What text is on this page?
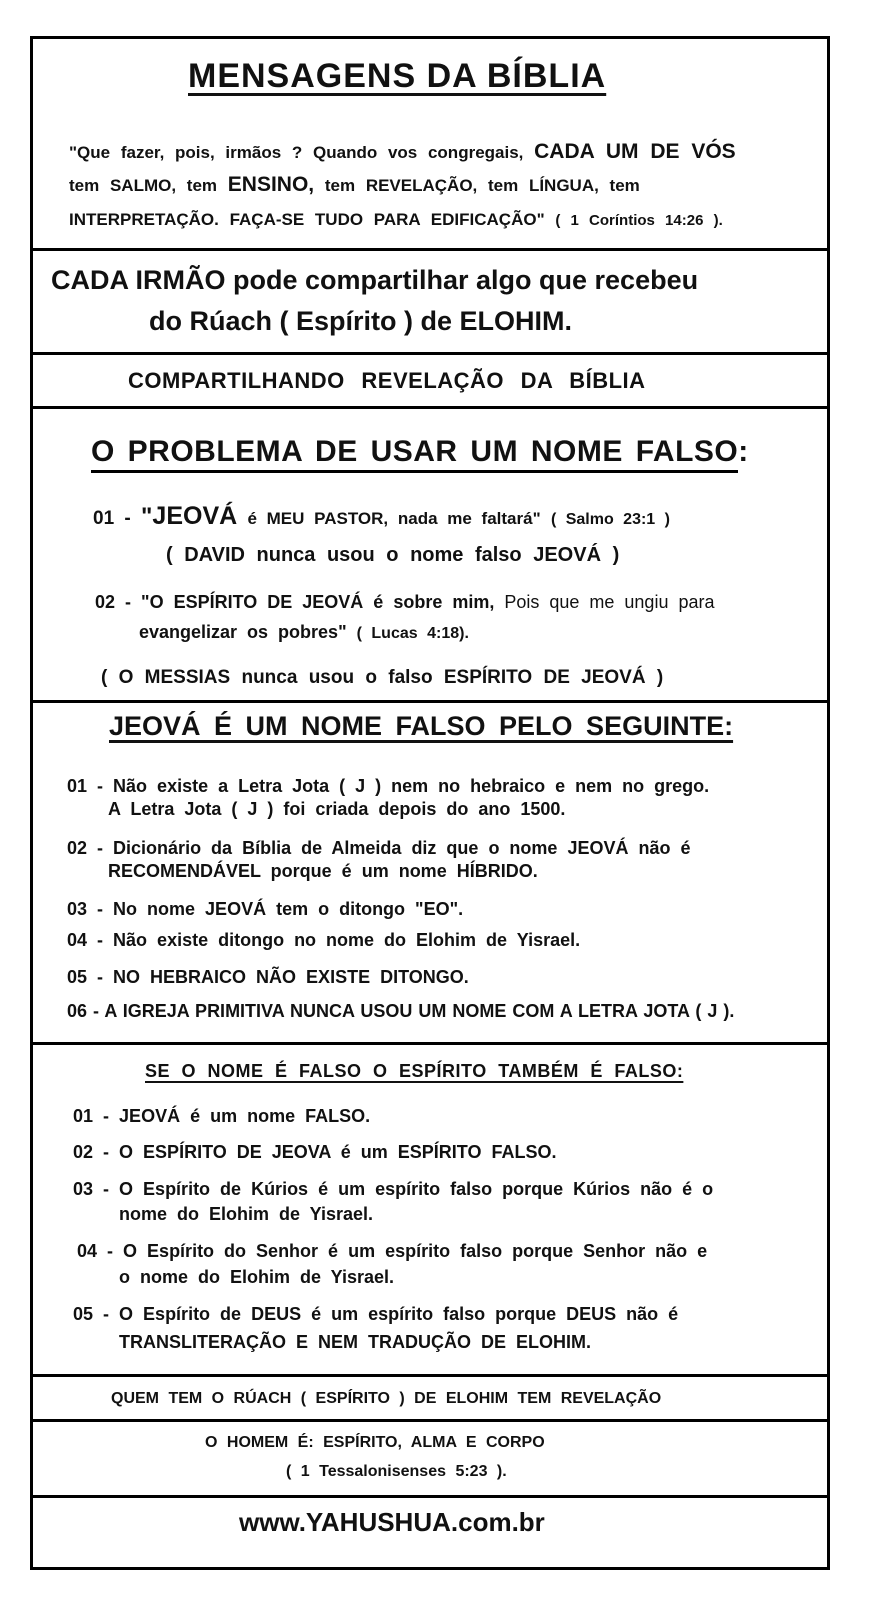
MENSAGENS DA BÍBLIA
"Que fazer, pois, irmãos ? Quando vos congregais, CADA UM DE VÓS
tem SALMO, tem ENSINO, tem REVELAÇÃO, tem LÍNGUA, tem
INTERPRETAÇÃO. FAÇA-SE TUDO PARA EDIFICAÇÃO" ( 1 Coríntios 14:26 ).
CADA IRMÃO pode compartilhar algo que recebeu
do Rúach ( Espírito ) de ELOHIM.
COMPARTILHANDO REVELAÇÃO DA BÍBLIA
O PROBLEMA DE USAR UM NOME FALSO:
01 - "JEOVÁ é MEU PASTOR, nada me faltará" ( Salmo 23:1 )
( DAVID nunca usou o nome falso JEOVÁ )
02 - "O ESPÍRITO DE JEOVÁ é sobre mim, Pois que me ungiu para
evangelizar os pobres" ( Lucas 4:18).
( O MESSIAS nunca usou o falso ESPÍRITO DE JEOVÁ )
JEOVÁ É UM NOME FALSO PELO SEGUINTE:
01 - Não existe a Letra Jota ( J ) nem no hebraico e nem no grego.
A Letra Jota ( J ) foi criada depois do ano 1500.
02 - Dicionário da Bíblia de Almeida diz que o nome JEOVÁ não é
RECOMENDÁVEL porque é um nome HÍBRIDO.
03 - No nome JEOVÁ tem o ditongo "EO".
04 - Não existe ditongo no nome do Elohim de Yisrael.
05 - NO HEBRAICO NÃO EXISTE DITONGO.
06 - A IGREJA PRIMITIVA NUNCA USOU UM NOME COM A LETRA JOTA ( J ).
SE O NOME É FALSO O ESPÍRITO TAMBÉM É FALSO:
01 - JEOVÁ é um nome FALSO.
02 - O ESPÍRITO DE JEOVA é um ESPÍRITO FALSO.
03 - O Espírito de Kúrios é um espírito falso porque Kúrios não é o
nome do Elohim de Yisrael.
04 - O Espírito do Senhor é um espírito falso porque Senhor não e
o nome do Elohim de Yisrael.
05 - O Espírito de DEUS é um espírito falso porque DEUS não é
TRANSLITERAÇÃO E NEM TRADUÇÃO DE ELOHIM.
QUEM TEM O RÚACH ( ESPÍRITO ) DE ELOHIM TEM REVELAÇÃO
O HOMEM É: ESPÍRITO, ALMA E CORPO
( 1 Tessalonisenses 5:23 ).
www.YAHUSHUA.com.br
